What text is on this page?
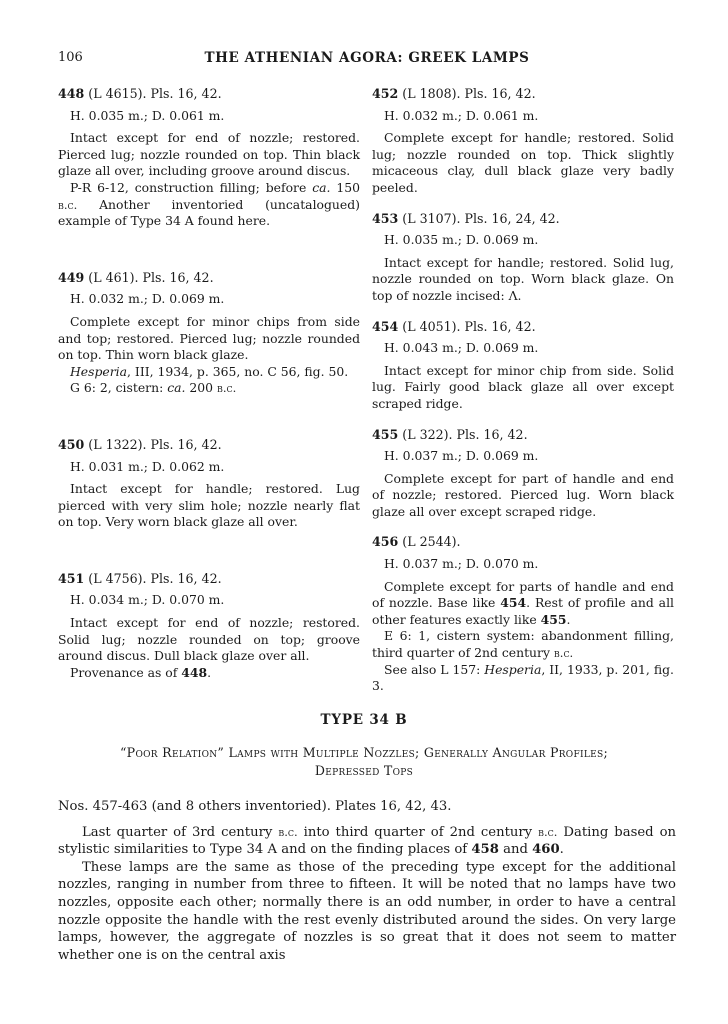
106	THE ATHENIAN AGORA: GREEK LAMPS

448 (L 4615). Pls. 16, 42.

H. 0.035 m.; D. 0.061 m.

Intact except for end of nozzle; restored. Pierced lug; nozzle rounded on top. Thin black glaze all over, including groove around discus.

P-R 6-12, construction filling; before ca. 150 b.c. Another inventoried (uncatalogued) example of Type 34 A found here.

449 (L 461). Pls. 16, 42.

H. 0.032 m.; D. 0.069 m.

Complete except for minor chips from side and top; restored. Pierced lug; nozzle rounded on top. Thin worn black glaze.

Hesperia, III, 1934, p. 365, no. C 56, fig. 50.

G 6: 2, cistern: ca. 200 b.c.

450 (L 1322). Pls. 16, 42.

H. 0.031 m.; D. 0.062 m.

Intact except for handle; restored. Lug pierced with very slim hole; nozzle nearly flat on top. Very worn black glaze all over.

451 (L 4756). Pls. 16, 42.

H. 0.034 m.; D. 0.070 m.

Intact except for end of nozzle; restored. Solid lug; nozzle rounded on top; groove around discus. Dull black glaze over all.

Provenance as of 448.

452 (L 1808). Pls. 16, 42.

H. 0.032 m.; D. 0.061 m.

Complete except for handle; restored. Solid lug; nozzle rounded on top. Thick slightly micaceous clay, dull black glaze very badly peeled.

453 (L 3107). Pls. 16, 24, 42.

H. 0.035 m.; D. 0.069 m.

Intact except for handle; restored. Solid lug, nozzle rounded on top. Worn black glaze. On top of nozzle incised: Λ.

454 (L 4051). Pls. 16, 42.

H. 0.043 m.; D. 0.069 m.

Intact except for minor chip from side. Solid lug. Fairly good black glaze all over except scraped ridge.

455 (L 322). Pls. 16, 42.

H. 0.037 m.; D. 0.069 m.

Complete except for part of handle and end of nozzle; restored. Pierced lug. Worn black glaze all over except scraped ridge.

456 (L 2544).

H. 0.037 m.; D. 0.070 m.

Complete except for parts of handle and end of nozzle. Base like 454. Rest of profile and all other features exactly like 455.

E 6: 1, cistern system: abandonment filling, third quarter of 2nd century b.c.

See also L 157: Hesperia, II, 1933, p. 201, fig. 3.

TYPE 34 B
“Poor Relation” Lamps with Multiple Nozzles; Generally Angular Profiles;
Depressed Tops

Nos. 457-463 (and 8 others inventoried). Plates 16, 42, 43.

Last quarter of 3rd century b.c. into third quarter of 2nd century b.c. Dating based on stylistic similarities to Type 34 A and on the finding places of 458 and 460.

These lamps are the same as those of the preceding type except for the additional nozzles, ranging in number from three to fifteen. It will be noted that no lamps have two nozzles, opposite each other; normally there is an odd number, in order to have a central nozzle opposite the handle with the rest evenly distributed around the sides. On very large lamps, however, the aggregate of nozzles is so great that it does not seem to matter whether one is on the central axis
